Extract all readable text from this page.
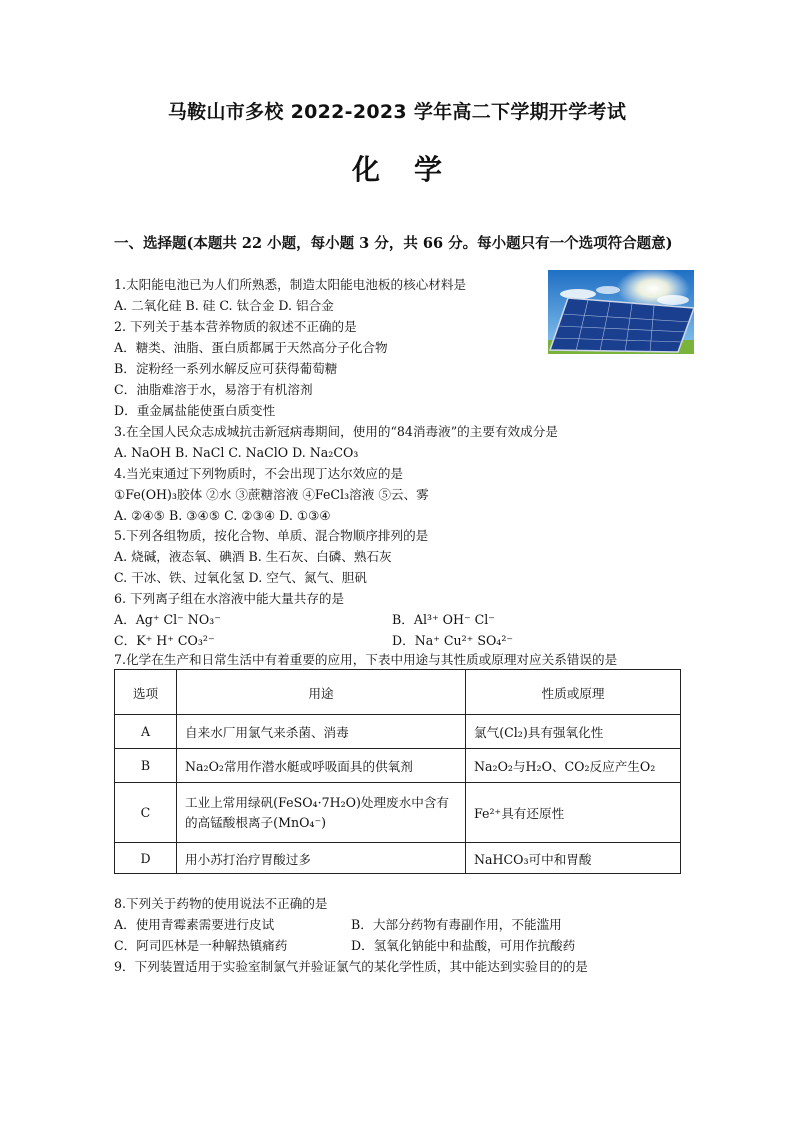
马鞍山市多校 2022-2023 学年高二下学期开学考试
化学
一、选择题(本题共 22 小题，每小题 3 分，共 66 分。每小题只有一个选项符合题意)
1.太阳能电池已为人们所熟悉，制造太阳能电池板的核心材料是
A. 二氧化硅 B. 硅 C. 钛合金 D. 铝合金
2. 下列关于基本营养物质的叙述不正确的是
A．糖类、油脂、蛋白质都属于天然高分子化合物
B．淀粉经一系列水解反应可获得葡萄糖
C．油脂难溶于水，易溶于有机溶剂
D．重金属盐能使蛋白质变性
3.在全国人民众志成城抗击新冠病毒期间，使用的“84消毒液”的主要有效成分是
A. NaOH B. NaCl C. NaClO D. Na₂CO₃
4.当光束通过下列物质时，不会出现丁达尔效应的是
①Fe(OH)₃胶体 ②水 ③蔗糖溶液 ④FeCl₃溶液 ⑤云、雾
A. ②④⑤ B. ③④⑤ C. ②③④ D. ①③④
5.下列各组物质，按化合物、单质、混合物顺序排列的是
A. 烧碱，液态氧、碘酒 B. 生石灰、白磷、熟石灰
C. 干冰、铁、过氧化氢 D. 空气、氮气、胆矾
6. 下列离子组在水溶液中能大量共存的是
A．Ag⁺ Cl⁻ NO₃⁻	B．Al³⁺ OH⁻ Cl⁻
C．K⁺ H⁺ CO₃²⁻	D．Na⁺ Cu²⁺ SO₄²⁻
7.化学在生产和日常生活中有着重要的应用，下表中用途与其性质或原理对应关系错误的是
选项	用途	性质或原理
A	自来水厂用氯气来杀菌、消毒	氯气(Cl₂)具有强氧化性
B	Na₂O₂常用作潜水艇或呼吸面具的供氧剂	Na₂O₂与H₂O、CO₂反应产生O₂
C	工业上常用绿矾(FeSO₄·7H₂O)处理废水中含有的高锰酸根离子(MnO₄⁻)	Fe²⁺具有还原性
D	用小苏打治疗胃酸过多	NaHCO₃可中和胃酸
8.下列关于药物的使用说法不正确的是
A．使用青霉素需要进行皮试	B．大部分药物有毒副作用，不能滥用
C．阿司匹林是一种解热镇痛药	D．氢氧化钠能中和盐酸，可用作抗酸药
9．下列装置适用于实验室制氯气并验证氯气的某化学性质，其中能达到实验目的的是
